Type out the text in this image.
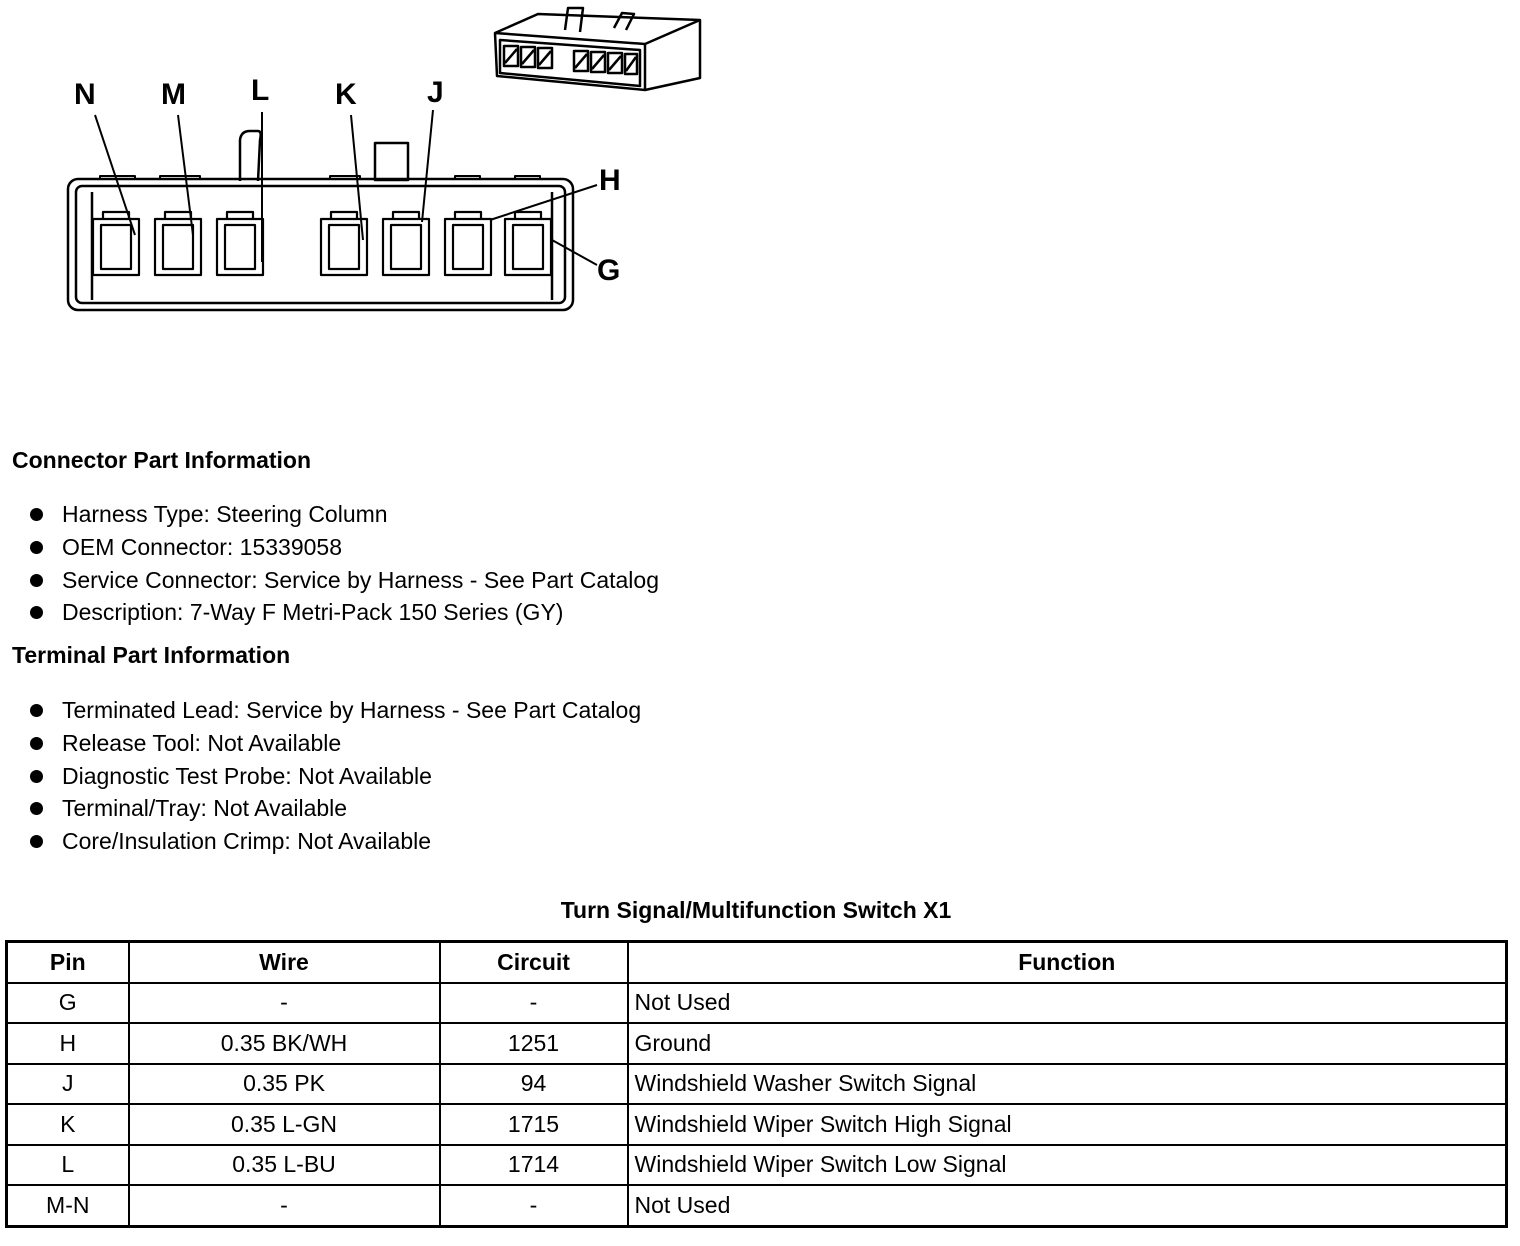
N M L K J
H
G
Connector Part Information
Harness Type: Steering Column
OEM Connector: 15339058
Service Connector: Service by Harness - See Part Catalog
Description: 7-Way F Metri-Pack 150 Series (GY)
Terminal Part Information
Terminated Lead: Service by Harness - See Part Catalog
Release Tool: Not Available
Diagnostic Test Probe: Not Available
Terminal/Tray: Not Available
Core/Insulation Crimp: Not Available
Turn Signal/Multifunction Switch X1
Pin	Wire	Circuit	Function
G	-	-	Not Used
H	0.35 BK/WH	1251	Ground
J	0.35 PK	94	Windshield Washer Switch Signal
K	0.35 L-GN	1715	Windshield Wiper Switch High Signal
L	0.35 L-BU	1714	Windshield Wiper Switch Low Signal
M-N	-	-	Not Used
